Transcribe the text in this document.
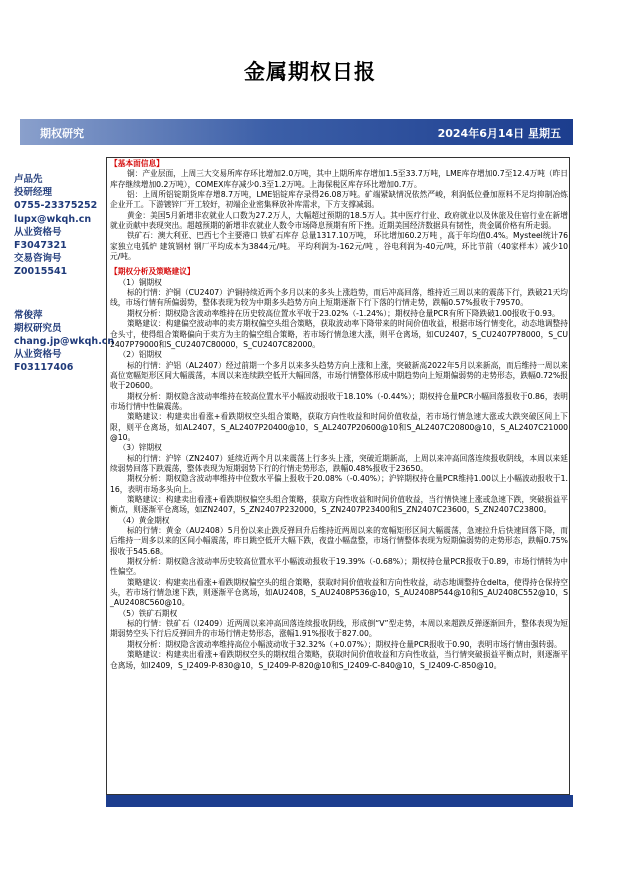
金属期权日报
期权研究	2024年6月14日 星期五
卢品先
投研经理
0755-23375252
lupx@wkqh.cn
从业资格号
F3047321
交易咨询号
Z0015541
常俊萍
期权研究员
chang.jp@wkqh.cn
从业资格号
F03117406

【基本面信息】

铜：产业层面，上周三大交易所库存环比增加2.0万吨，其中上期所库存增加1.5至33.7万吨，LME库存增加0.7至12.4万吨（昨日库存继续增加0.2万吨），COMEX库存减少0.3至1.2万吨。上海保税区库存环比增加0.7万。

铝：上周所铝锭期货库存增8.7万吨，LME铝锭库存录得26.08万吨。矿端紧缺情况依然严峻，利润低位叠加原料不足均抑制冶炼企业开工。下游镀锌厂开工较好，初端企业密集释放补库需求，下方支撑减弱。

黄金：美国5月新增非农就业人口数为27.2万人，大幅超过预期的18.5万人。其中医疗行业、政府就业以及休旅及住宿行业在新增就业贡献中表现突出。超越预期的新增非农就业人数令市场降息预期有所下挫。近期美国经济数据具有韧性，贵金属价格有所走弱。

铁矿石：澳大利亚、巴西七个主要港口 铁矿石库存 总量1317.10万吨， 环比增加60.2万吨 ，高于年均值0.4%。Mysteel统计76家独立电弧炉 建筑钢材 钢厂平均成本为3844元/吨。 平均利润为-162元/吨 ，谷电利润为-40元/吨，环比节前（40家样本）减少10元/吨。

【期权分析及策略建议】

（1）铜期权

标的行情：沪铜（CU2407）沪铜持续近两个多月以来的多头上涨趋势，而后冲高回落，维持近三周以来的震荡下行，跌破21天均线，市场行情有所偏弱势，整体表现为较为中期多头趋势方向上短期逐渐下行下落的行情走势，跌幅0.57%报收于79570。

期权分析：期权隐含波动率维持在历史较高位置水平收于23.02%（-1.24%）；期权持仓量PCR有所下降跌破1.00报收于0.93。

策略建议：构建偏空波动率的卖方期权偏空头组合策略，获取波动率下降带来的时间价值收益，根据市场行情变化，动态地调整持仓头寸，使得组合策略偏向于卖方为主的偏空组合策略，若市场行情急速大涨，则平仓离场，如CU2407，S_CU2407P78000，S_CU2407P79000和S_CU2407C80000，S_CU2407C82000。

（2）铝期权

标的行情：沪铝（AL2407）经过前期一个多月以来多头趋势方向上涨和上涨，突破新高2022年5月以来新高，而后维持一周以来高位宽幅矩形区间大幅震荡，本周以来连续跌空低开大幅回落，市场行情整体形成中期趋势向上短期偏弱势的走势形态，跌幅0.72%报收于20600。

期权分析：期权隐含波动率维持在较高位置水平小幅波动报收于18.10%（-0.44%）；期权持仓量PCR小幅回落报收于0.86，表明市场行情中性偏震荡。

策略建议：构建卖出看涨+看跌期权空头组合策略，获取方向性收益和时间价值收益，若市场行情急速大涨或大跌突破区间上下限，则平仓离场，如AL2407，S_AL2407P20400@10，S_AL2407P20600@10和S_AL2407C20800@10，S_AL2407C21000@10。

（3）锌期权

标的行情：沪锌（ZN2407）延续近两个月以来震荡上行多头上涨，突破近期新高，上周以来冲高回落连续报收阴线，本周以来延续弱势回落下跌震荡，整体表现为短期弱势下行的行情走势形态，跌幅0.48%报收于23650。

期权分析：期权隐含波动率维持中位数水平偏上报收于20.08%（-0.40%）；沪锌期权持仓量PCR维持1.00以上小幅波动报收于1.16，表明市场多头向上。

策略建议：构建卖出看涨+看跌期权偏空头组合策略，获取方向性收益和时间价值收益，当行情快速上涨或急速下跌，突破损益平衡点，则逐渐平仓离场，如ZN2407，S_ZN2407P232000，S_ZN2407P23400和S_ZN2407C23600，S_ZN2407C23800。

（4）黄金期权

标的行情：黄金（AU2408）5月份以来止跌反弹回升后维持近两周以来的宽幅矩形区间大幅震荡，急速拉升后快速回落下降，而后维持一周多以来的区间小幅震荡，昨日跳空低开大幅下跌，夜盘小幅盘整，市场行情整体表现为短期偏弱势的走势形态，跌幅0.75%报收于545.68。

期权分析：期权隐含波动率历史较高位置水平小幅波动报收于19.39%（-0.68%）；期权持仓量PCR报收于0.89，市场行情转为中性偏空。

策略建议：构建卖出看涨+看跌期权偏空头的组合策略，获取时间价值收益和方向性收益，动态地调整持仓delta，使得持仓保持空头，若市场行情急速下跌，则逐渐平仓离场，如AU2408，S_AU2408P536@10，S_AU2408P544@10和S_AU2408C552@10，S_AU2408C560@10。

（5）铁矿石期权

标的行情：铁矿石（I2409）近两周以来冲高回落连续报收阴线，形成倒“V”型走势，本周以来超跌反弹逐渐回升，整体表现为短期弱势空头下行后反弹回升的市场行情走势形态，涨幅1.91%报收于827.00。

期权分析：期权隐含波动率维持高位小幅波动收于32.32%（+0.07%）；期权持仓量PCR报收于0.90，表明市场行情由强转弱。

策略建议：构建卖出看涨+看跌期权空头的期权组合策略，获取时间价值收益和方向性收益，当行情突破损益平衡点时，则逐渐平仓离场，如I2409，S_I2409-P-830@10，S_I2409-P-820@10和S_I2409-C-840@10，S_I2409-C-850@10。
